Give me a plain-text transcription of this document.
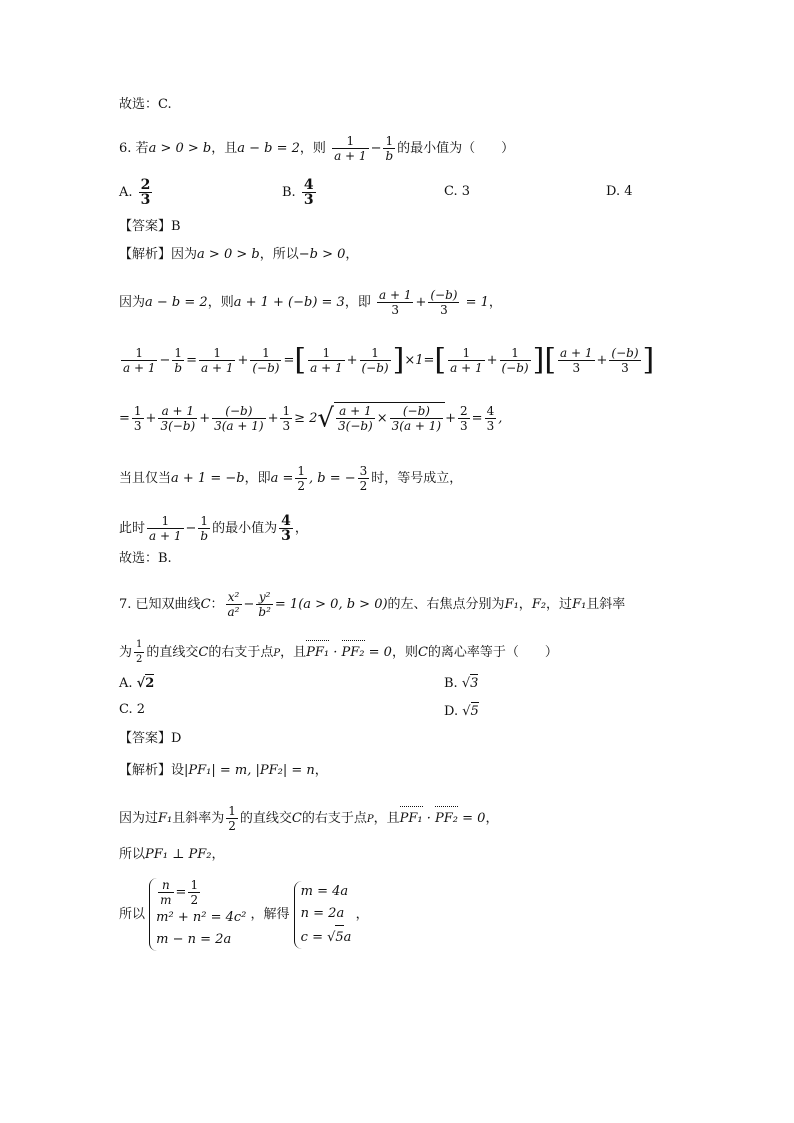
故选：C.
6. 若a > 0 > b，且a − b = 2，则 $\frac{1}{a + 1} - \frac{1}{b}$ 的最小值为（　　）
A. $\frac{2}{3}$	B. $\frac{4}{3}$	C. 3	D. 4
【答案】B
【解析】因为a > 0 > b，所以−b > 0，
因为a − b = 2，则a + 1 + (−b) = 3，即 $\frac{a + 1}{3} + \frac{(-b)}{3} = 1$，
$\frac{1}{a + 1} - \frac{1}{b} = \frac{1}{a + 1} + \frac{1}{(-b)}$ =[ $\frac{1}{a + 1} + \frac{1}{(-b)} ]\times 1=[ \frac{1}{a + 1} + \frac{1}{(-b)}$ ][ $\frac{a + 1}{3} + \frac{(-b)}{3}$ ]
= $\frac{1}{3} + \frac{a + 1}{3(-b)} + \frac{(-b)}{3(a + 1)} + \frac{1}{3} \ge 2√ \frac{a + 1}{3(-b)} \times \frac{(-b)}{3(a + 1)} + \frac{2}{3} = \frac{4}{3}$ ,
当且仅当a + 1 = −b，即$a = \frac{1}{2}$ , b = − $\frac{3}{2}$ 时，等号成立，
此时 $\frac{1}{a + 1} - \frac{1}{b}$ 的最小值为 $\frac{4}{3}$ ，
故选：B.
7. 已知双曲线C： $\frac{\text{x²}}{\text{a²}} - \frac{\text{y²}}{\text{b²}} = 1(a > 0$, b > 0)的左、右焦点分别为F₁，F₂，过F₁且斜率
为 $\frac{1}{2}$ 的直线交C的右支于点P，且PF₁ · PF₂ = 0，则C的离心率等于（　　）
A. √2	B. √3
C. 2	D. √5
【答案】D
【解析】设|PF₁| = m, |PF₂| = n，
因为过F₁且斜率为 $\frac{1}{2}$ 的直线交C的右支于点P，且PF₁ · PF₂ = 0，
所以PF₁ ⊥ PF₂，
所以
$\frac{n}{m} = \frac{1}{2}$
m² + n² = 4c²
m − n = 2a
，解得
m = 4a
n = 2a
c = √5a
，
